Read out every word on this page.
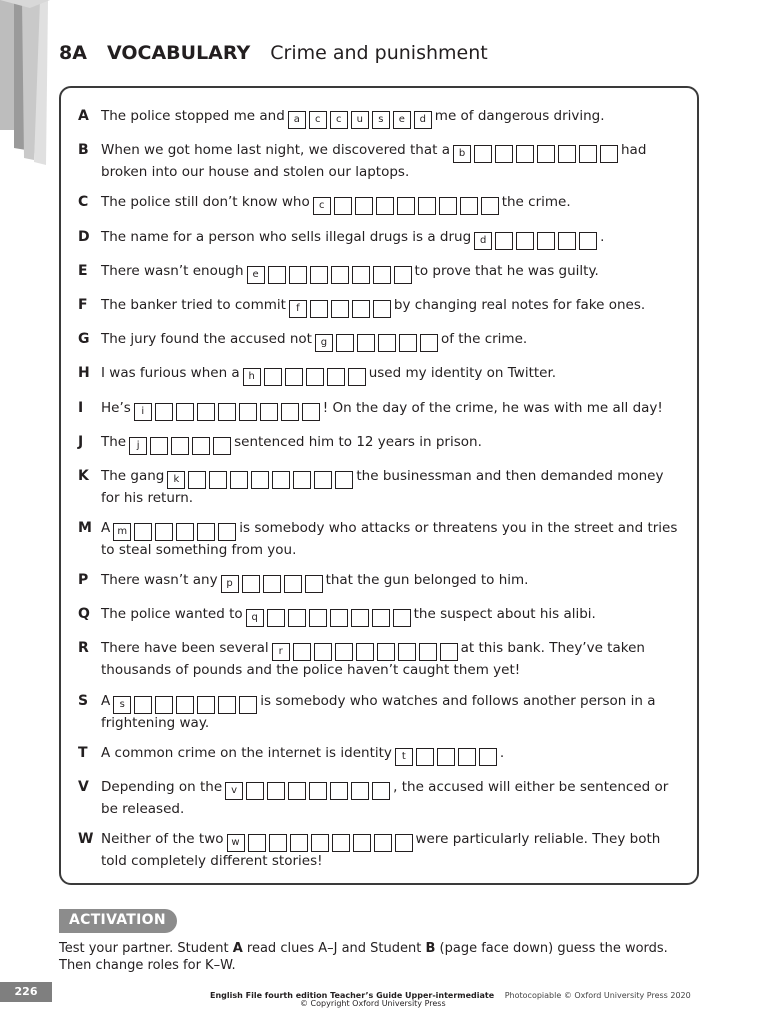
8A VOCABULARY Crime and punishment
A The police stopped me and a c c u s e d me of dangerous driving.
B When we got home last night, we discovered that a b	had broken into our house and stolen our laptops.
C The police still don’t know who c	the crime.
D The name for a person who sells illegal drugs is a drug d	.
E There wasn’t enough e	to prove that he was guilty.
F The banker tried to commit f	by changing real notes for fake ones.
G The jury found the accused not g	of the crime.
H I was furious when a h	used my identity on Twitter.
I He’s i	! On the day of the crime, he was with me all day!
J The j	sentenced him to 12 years in prison.
K The gang k	the businessman and then demanded money for his return.
M A m	is somebody who attacks or threatens you in the street and tries to steal something from you.
P There wasn’t any p	that the gun belonged to him.
Q The police wanted to q	the suspect about his alibi.
R There have been several r	at this bank. They’ve taken thousands of pounds and the police haven’t caught them yet!
S A s	is somebody who watches and follows another person in a frightening way.
T A common crime on the internet is identity t	.
V Depending on the v	, the accused will either be sentenced or be released.
W Neither of the two w	were particularly reliable. They both told completely different stories!
ACTIVATION
Test your partner. Student A read clues A–J and Student B (page face down) guess the words. Then change roles for K–W.
226	English File fourth edition Teacher’s Guide Upper-intermediate Photocopiable © Oxford University Press 2020
© Copyright Oxford University Press
